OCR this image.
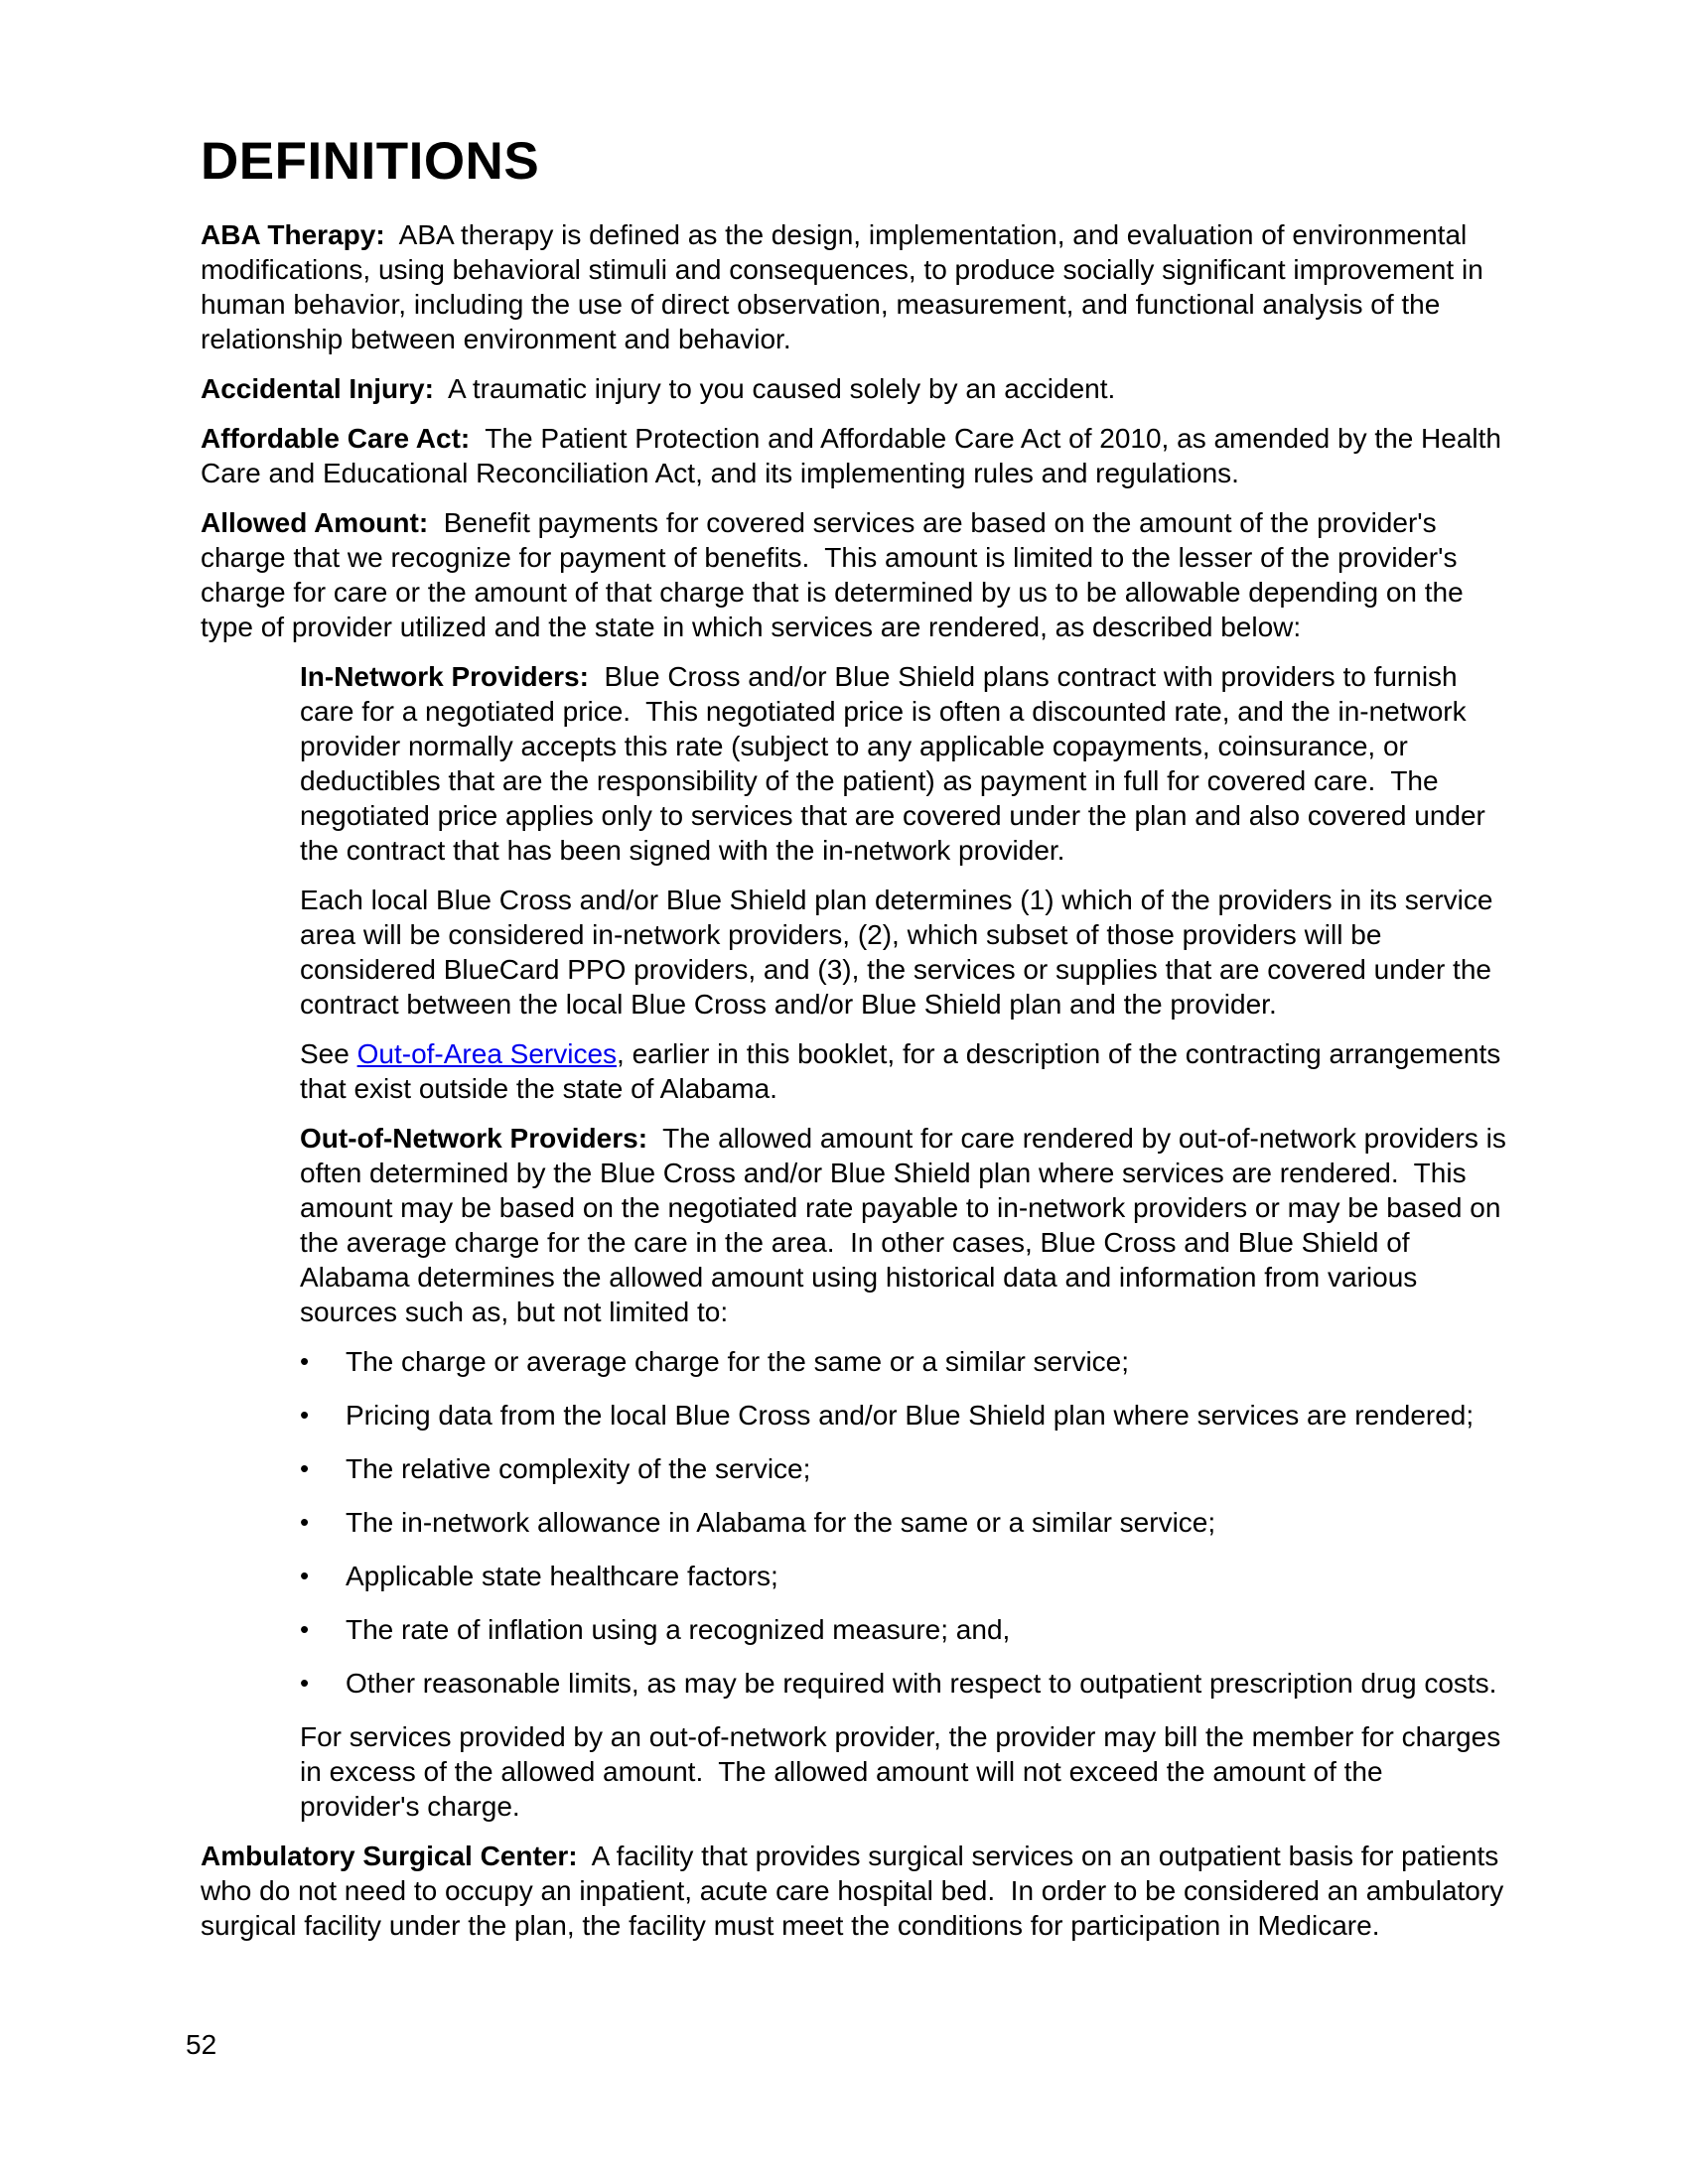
DEFINITIONS

ABA Therapy:  ABA therapy is defined as the design, implementation, and evaluation of environmental modifications, using behavioral stimuli and consequences, to produce socially significant improvement in human behavior, including the use of direct observation, measurement, and functional analysis of the relationship between environment and behavior.

Accidental Injury:  A traumatic injury to you caused solely by an accident.

Affordable Care Act:  The Patient Protection and Affordable Care Act of 2010, as amended by the Health Care and Educational Reconciliation Act, and its implementing rules and regulations.

Allowed Amount:  Benefit payments for covered services are based on the amount of the provider's charge that we recognize for payment of benefits.  This amount is limited to the lesser of the provider's charge for care or the amount of that charge that is determined by us to be allowable depending on the type of provider utilized and the state in which services are rendered, as described below:

In-Network Providers:  Blue Cross and/or Blue Shield plans contract with providers to furnish care for a negotiated price.  This negotiated price is often a discounted rate, and the in-network provider normally accepts this rate (subject to any applicable copayments, coinsurance, or deductibles that are the responsibility of the patient) as payment in full for covered care.  The negotiated price applies only to services that are covered under the plan and also covered under the contract that has been signed with the in-network provider.

Each local Blue Cross and/or Blue Shield plan determines (1) which of the providers in its service area will be considered in-network providers, (2), which subset of those providers will be considered BlueCard PPO providers, and (3), the services or supplies that are covered under the contract between the local Blue Cross and/or Blue Shield plan and the provider.

See Out-of-Area Services, earlier in this booklet, for a description of the contracting arrangements that exist outside the state of Alabama.

Out-of-Network Providers:  The allowed amount for care rendered by out-of-network providers is often determined by the Blue Cross and/or Blue Shield plan where services are rendered.  This amount may be based on the negotiated rate payable to in-network providers or may be based on the average charge for the care in the area.  In other cases, Blue Cross and Blue Shield of Alabama determines the allowed amount using historical data and information from various sources such as, but not limited to:

•	The charge or average charge for the same or a similar service;
•	Pricing data from the local Blue Cross and/or Blue Shield plan where services are rendered;
•	The relative complexity of the service;
•	The in-network allowance in Alabama for the same or a similar service;
•	Applicable state healthcare factors;
•	The rate of inflation using a recognized measure; and,
•	Other reasonable limits, as may be required with respect to outpatient prescription drug costs.

For services provided by an out-of-network provider, the provider may bill the member for charges in excess of the allowed amount.  The allowed amount will not exceed the amount of the provider's charge.

Ambulatory Surgical Center:  A facility that provides surgical services on an outpatient basis for patients who do not need to occupy an inpatient, acute care hospital bed.  In order to be considered an ambulatory surgical facility under the plan, the facility must meet the conditions for participation in Medicare.

52
